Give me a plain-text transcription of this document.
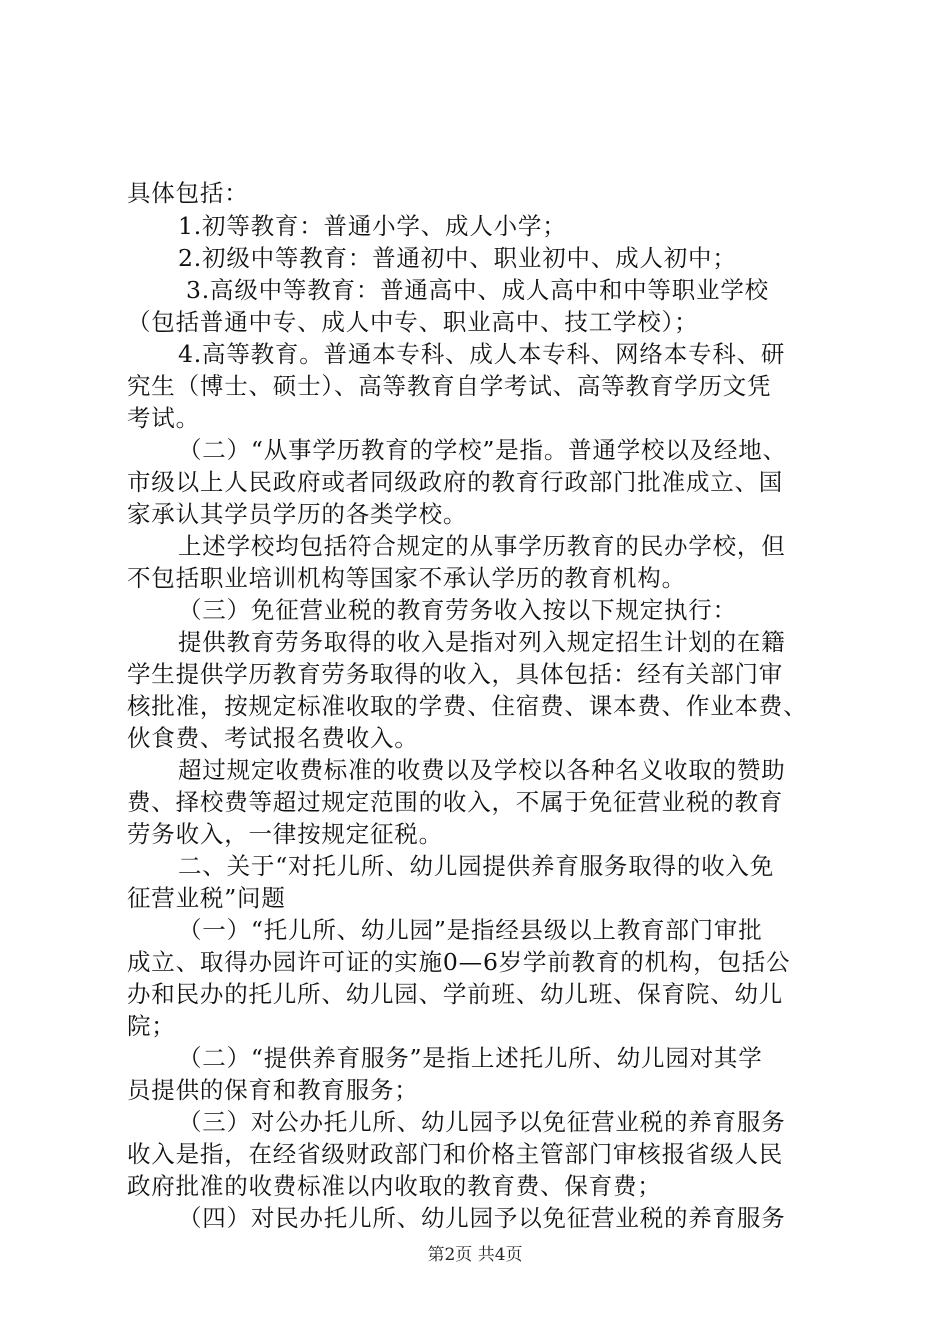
具体包括：
1.初等教育：普通小学、成人小学；
2.初级中等教育：普通初中、职业初中、成人初中；
3.高级中等教育：普通高中、成人高中和中等职业学校
（包括普通中专、成人中专、职业高中、技工学校）；
4.高等教育。普通本专科、成人本专科、网络本专科、研
究生（博士、硕士）、高等教育自学考试、高等教育学历文凭
考试。
（二）“从事学历教育的学校”是指。普通学校以及经地、
市级以上人民政府或者同级政府的教育行政部门批准成立、国
家承认其学员学历的各类学校。
上述学校均包括符合规定的从事学历教育的民办学校，但
不包括职业培训机构等国家不承认学历的教育机构。
（三）免征营业税的教育劳务收入按以下规定执行：
提供教育劳务取得的收入是指对列入规定招生计划的在籍
学生提供学历教育劳务取得的收入，具体包括：经有关部门审
核批准，按规定标准收取的学费、住宿费、课本费、作业本费、
伙食费、考试报名费收入。
超过规定收费标准的收费以及学校以各种名义收取的赞助
费、择校费等超过规定范围的收入，不属于免征营业税的教育
劳务收入，一律按规定征税。
二、关于“对托儿所、幼儿园提供养育服务取得的收入免
征营业税”问题
（一）“托儿所、幼儿园”是指经县级以上教育部门审批
成立、取得办园许可证的实施0—6岁学前教育的机构，包括公
办和民办的托儿所、幼儿园、学前班、幼儿班、保育院、幼儿
院；
（二）“提供养育服务”是指上述托儿所、幼儿园对其学
员提供的保育和教育服务；
（三）对公办托儿所、幼儿园予以免征营业税的养育服务
收入是指，在经省级财政部门和价格主管部门审核报省级人民
政府批准的收费标准以内收取的教育费、保育费；
（四）对民办托儿所、幼儿园予以免征营业税的养育服务
第2页 共4页
